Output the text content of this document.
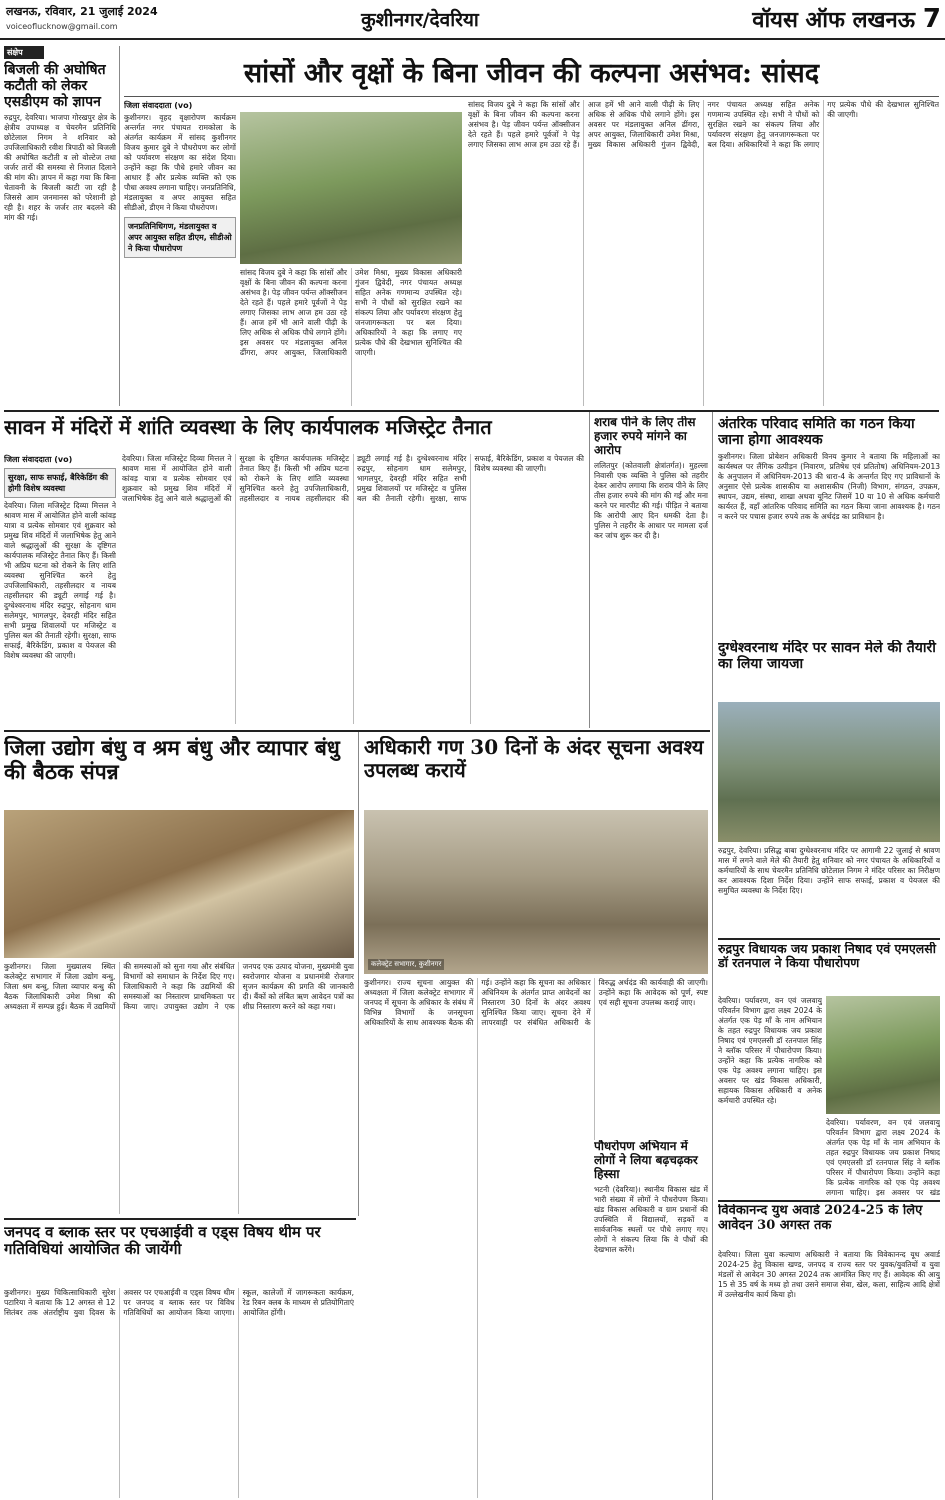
लखनऊ, रविवार, 21 जुलाई 2024
voiceoflucknow@gmail.com	कुशीनगर/देवरिया	वॉयस ऑफ लखनऊ 7
संक्षेप
बिजली की अघोषित कटौती को लेकर एसडीएम को ज्ञापन
रुद्रपुर, देवरिया। भाजपा गोरखपुर क्षेत्र के क्षेत्रीय उपाध्यक्ष व चेयरमैन प्रतिनिधि छोटेलाल निगम ने शनिवार को उपजिलाधिकारी रवीश त्रिपाठी को बिजली की अघोषित कटौती व लो वोल्टेज तथा जर्जर तारों की समस्या से निजात दिलाने की मांग की। ज्ञापन में कहा गया कि बिना चेतावनी के बिजली काटी जा रही है जिससे आम जनमानस को परेशानी हो रही है। शहर के जर्जर तार बदलने की मांग की गई।
सांसों और वृक्षों के बिना जीवन की कल्पना असंभव: सांसद
जिला संवाददाता (vo)
कुशीनगर। वृहद वृक्षारोपण कार्यक्रम अन्तर्गत नगर पंचायत रामकोला के अंतर्गत कार्यक्रम में सांसद कुशीनगर विजय कुमार दुबे ने पौधरोपण कर लोगों को पर्यावरण संरक्षण का संदेश दिया। उन्होंने कहा कि पौधे हमारे जीवन का आधार हैं और प्रत्येक व्यक्ति को एक पौधा अवश्य लगाना चाहिए। जनप्रतिनिधि, मंडलायुक्त व अपर आयुक्त सहित सीडीओ, डीएम ने किया पौधरोपण।
जनप्रतिनिधिगण, मंडलायुक्त व अपर आयुक्त सहित डीएम, सीडीओ ने किया पौधारोपण
सांसद विजय दुबे ने कहा कि सांसों और वृक्षों के बिना जीवन की कल्पना करना असंभव है। पेड़ जीवन पर्यन्त ऑक्सीजन देते रहते हैं। पहले हमारे पूर्वजों ने पेड़ लगाए जिसका लाभ आज हम उठा रहे हैं। आज हमें भी आने वाली पीढ़ी के लिए अधिक से अधिक पौधे लगाने होंगे। इस अवसर पर मंडलायुक्त अनिल ढींगरा, अपर आयुक्त, जिलाधिकारी उमेश मिश्रा, मुख्य विकास अधिकारी गुंजन द्विवेदी, नगर पंचायत अध्यक्ष सहित अनेक गणमान्य उपस्थित रहे। सभी ने पौधों को सुरक्षित रखने का संकल्प लिया और पर्यावरण संरक्षण हेतु जनजागरूकता पर बल दिया। अधिकारियों ने कहा कि लगाए गए प्रत्येक पौधे की देखभाल सुनिश्चित की जाएगी।
सांसद विजय दुबे ने कहा कि सांसों और वृक्षों के बिना जीवन की कल्पना करना असंभव है। पेड़ जीवन पर्यन्त ऑक्सीजन देते रहते हैं। पहले हमारे पूर्वजों ने पेड़ लगाए जिसका लाभ आज हम उठा रहे हैं। आज हमें भी आने वाली पीढ़ी के लिए अधिक से अधिक पौधे लगाने होंगे। इस अवसर पर मंडलायुक्त अनिल ढींगरा, अपर आयुक्त, जिलाधिकारी उमेश मिश्रा, मुख्य विकास अधिकारी गुंजन द्विवेदी, नगर पंचायत अध्यक्ष सहित अनेक गणमान्य उपस्थित रहे। सभी ने पौधों को सुरक्षित रखने का संकल्प लिया और पर्यावरण संरक्षण हेतु जनजागरूकता पर बल दिया। अधिकारियों ने कहा कि लगाए गए प्रत्येक पौधे की देखभाल सुनिश्चित की जाएगी।
सावन में मंदिरों में शांति व्यवस्था के लिए कार्यपालक मजिस्ट्रेट तैनात
जिला संवाददाता (vo)
सुरक्षा, साफ सफाई, बैरिकेडिंग की होगी विशेष व्यवस्था
देवरिया। जिला मजिस्ट्रेट दिव्या मित्तल ने श्रावण मास में आयोजित होने वाली कांवड़ यात्रा व प्रत्येक सोमवार एवं शुक्रवार को प्रमुख शिव मंदिरों में जलाभिषेक हेतु आने वाले श्रद्धालुओं की सुरक्षा के दृष्टिगत कार्यपालक मजिस्ट्रेट तैनात किए हैं। किसी भी अप्रिय घटना को रोकने के लिए शांति व्यवस्था सुनिश्चित करने हेतु उपजिलाधिकारी, तहसीलदार व नायब तहसीलदार की ड्यूटी लगाई गई है। दुग्धेश्वरनाथ मंदिर रुद्रपुर, सोहनाग धाम सलेमपुर, भागलपुर, देवरही मंदिर सहित सभी प्रमुख शिवालयों पर मजिस्ट्रेट व पुलिस बल की तैनाती रहेगी। सुरक्षा, साफ सफाई, बैरिकेडिंग, प्रकाश व पेयजल की विशेष व्यवस्था की जाएगी।
देवरिया। जिला मजिस्ट्रेट दिव्या मित्तल ने श्रावण मास में आयोजित होने वाली कांवड़ यात्रा व प्रत्येक सोमवार एवं शुक्रवार को प्रमुख शिव मंदिरों में जलाभिषेक हेतु आने वाले श्रद्धालुओं की सुरक्षा के दृष्टिगत कार्यपालक मजिस्ट्रेट तैनात किए हैं। किसी भी अप्रिय घटना को रोकने के लिए शांति व्यवस्था सुनिश्चित करने हेतु उपजिलाधिकारी, तहसीलदार व नायब तहसीलदार की ड्यूटी लगाई गई है। दुग्धेश्वरनाथ मंदिर रुद्रपुर, सोहनाग धाम सलेमपुर, भागलपुर, देवरही मंदिर सहित सभी प्रमुख शिवालयों पर मजिस्ट्रेट व पुलिस बल की तैनाती रहेगी। सुरक्षा, साफ सफाई, बैरिकेडिंग, प्रकाश व पेयजल की विशेष व्यवस्था की जाएगी।
शराब पीने के लिए तीस हजार रुपये मांगने का आरोप
ललितपुर (कोतवाली क्षेत्रांतर्गत)। मुहल्ला निवासी एक व्यक्ति ने पुलिस को तहरीर देकर आरोप लगाया कि शराब पीने के लिए तीस हजार रुपये की मांग की गई और मना करने पर मारपीट की गई। पीड़ित ने बताया कि आरोपी आए दिन धमकी देता है। पुलिस ने तहरीर के आधार पर मामला दर्ज कर जांच शुरू कर दी है।
अंतरिक परिवाद समिति का गठन किया जाना होगा आवश्यक
कुशीनगर। जिला प्रोबेशन अधिकारी विनय कुमार ने बताया कि महिलाओं का कार्यस्थल पर लैंगिक उत्पीड़न (निवारण, प्रतिषेध एवं प्रतितोष) अधिनियम-2013 के अनुपालन में अधिनियम-2013 की धारा-4 के अन्तर्गत दिए गए प्राविधानों के अनुसार ऐसे प्रत्येक शासकीय या अशासकीय (निजी) विभाग, संगठन, उपक्रम, स्थापन, उद्यम, संस्था, शाखा अथवा यूनिट जिसमें 10 या 10 से अधिक कर्मचारी कार्यरत हैं, वहाँ आंतरिक परिवाद समिति का गठन किया जाना आवश्यक है। गठन न करने पर पचास हजार रुपये तक के अर्थदंड का प्राविधान है।
दुग्धेश्वरनाथ मंदिर पर सावन मेले की तैयारी का लिया जायजा
रुद्रपुर, देवरिया। प्रसिद्ध बाबा दुग्धेश्वरनाथ मंदिर पर आगामी 22 जुलाई से श्रावण मास में लगने वाले मेले की तैयारी हेतु शनिवार को नगर पंचायत के अधिकारियों व कर्मचारियों के साथ चेयरमैन प्रतिनिधि छोटेलाल निगम ने मंदिर परिसर का निरीक्षण कर आवश्यक दिशा निर्देश दिया। उन्होंने साफ सफाई, प्रकाश व पेयजल की समुचित व्यवस्था के निर्देश दिए।
जिला उद्योग बंधु व श्रम बंधु और व्यापार बंधु की बैठक संपन्न
कुशीनगर। जिला मुख्यालय स्थित कलेक्ट्रेट सभागार में जिला उद्योग बन्धु, जिला श्रम बन्धु, जिला व्यापार बन्धु की बैठक जिलाधिकारी उमेश मिश्रा की अध्यक्षता में सम्पन्न हुई। बैठक में उद्यमियों की समस्याओं को सुना गया और संबंधित विभागों को समाधान के निर्देश दिए गए। जिलाधिकारी ने कहा कि उद्यमियों की समस्याओं का निस्तारण प्राथमिकता पर किया जाए। उपायुक्त उद्योग ने एक जनपद एक उत्पाद योजना, मुख्यमंत्री युवा स्वरोजगार योजना व प्रधानमंत्री रोजगार सृजन कार्यक्रम की प्रगति की जानकारी दी। बैंकों को लंबित ऋण आवेदन पत्रों का शीघ्र निस्तारण करने को कहा गया।
अधिकारी गण 30 दिनों के अंदर सूचना अवश्य उपलब्ध करायें
कलेक्ट्रेट सभागार, कुशीनगर
कुशीनगर। राज्य सूचना आयुक्त की अध्यक्षता में जिला कलेक्ट्रेट सभागार में जनपद में सूचना के अधिकार के संबंध में विभिन्न विभागों के जनसूचना अधिकारियों के साथ आवश्यक बैठक की गई। उन्होंने कहा कि सूचना का अधिकार अधिनियम के अंतर्गत प्राप्त आवेदनों का निस्तारण 30 दिनों के अंदर अवश्य सुनिश्चित किया जाए। सूचना देने में लापरवाही पर संबंधित अधिकारी के विरुद्ध अर्थदंड की कार्यवाही की जाएगी। उन्होंने कहा कि आवेदक को पूर्ण, स्पष्ट एवं सही सूचना उपलब्ध कराई जाए।
पौधरोपण अभियान में लोगों ने लिया बढ़चढ़कर हिस्सा
भटनी (देवरिया)। स्थानीय विकास खंड में भारी संख्या में लोगों ने पौधरोपण किया। खंड विकास अधिकारी व ग्राम प्रधानों की उपस्थिति में विद्यालयों, सड़कों व सार्वजनिक स्थलों पर पौधे लगाए गए। लोगों ने संकल्प लिया कि वे पौधों की देखभाल करेंगे।
जनपद व ब्लाक स्तर पर एचआईवी व एड्स विषय थीम पर गतिविधियां आयोजित की जायेंगी
कुशीनगर। मुख्य चिकित्साधिकारी सुरेश पटारिया ने बताया कि 12 अगस्त से 12 सितंबर तक अंतर्राष्ट्रीय युवा दिवस के अवसर पर एचआईवी व एड्स विषय थीम पर जनपद व ब्लाक स्तर पर विविध गतिविधियों का आयोजन किया जाएगा। स्कूल, कालेजों में जागरूकता कार्यक्रम, रेड रिबन क्लब के माध्यम से प्रतियोगिताएं आयोजित होंगी।
रुद्रपुर विधायक जय प्रकाश निषाद एवं एमएलसी डॉ रतनपाल ने किया पौधारोपण
देवरिया। पर्यावरण, वन एवं जलवायु परिवर्तन विभाग द्वारा लक्ष्य 2024 के अंतर्गत एक पेड़ माँ के नाम अभियान के तहत रुद्रपुर विधायक जय प्रकाश निषाद एवं एमएलसी डॉ रतनपाल सिंह ने ब्लॉक परिसर में पौधारोपण किया। उन्होंने कहा कि प्रत्येक नागरिक को एक पेड़ अवश्य लगाना चाहिए। इस अवसर पर खंड विकास अधिकारी, सहायक विकास अधिकारी व अनेक कर्मचारी उपस्थित रहे।
देवरिया। पर्यावरण, वन एवं जलवायु परिवर्तन विभाग द्वारा लक्ष्य 2024 के अंतर्गत एक पेड़ माँ के नाम अभियान के तहत रुद्रपुर विधायक जय प्रकाश निषाद एवं एमएलसी डॉ रतनपाल सिंह ने ब्लॉक परिसर में पौधारोपण किया। उन्होंने कहा कि प्रत्येक नागरिक को एक पेड़ अवश्य लगाना चाहिए। इस अवसर पर खंड
विवेकानन्द युथ अवार्ड 2024-25 के लिए आवेदन 30 अगस्त तक
देवरिया। जिला युवा कल्याण अधिकारी ने बताया कि विवेकानन्द यूथ अवार्ड 2024-25 हेतु विकास खण्ड, जनपद व राज्य स्तर पर युवक/युवतियों व युवा मंडलों से आवेदन 30 अगस्त 2024 तक आमंत्रित किए गए हैं। आवेदक की आयु 15 से 35 वर्ष के मध्य हो तथा उसने समाज सेवा, खेल, कला, साहित्य आदि क्षेत्रों में उल्लेखनीय कार्य किया हो।
